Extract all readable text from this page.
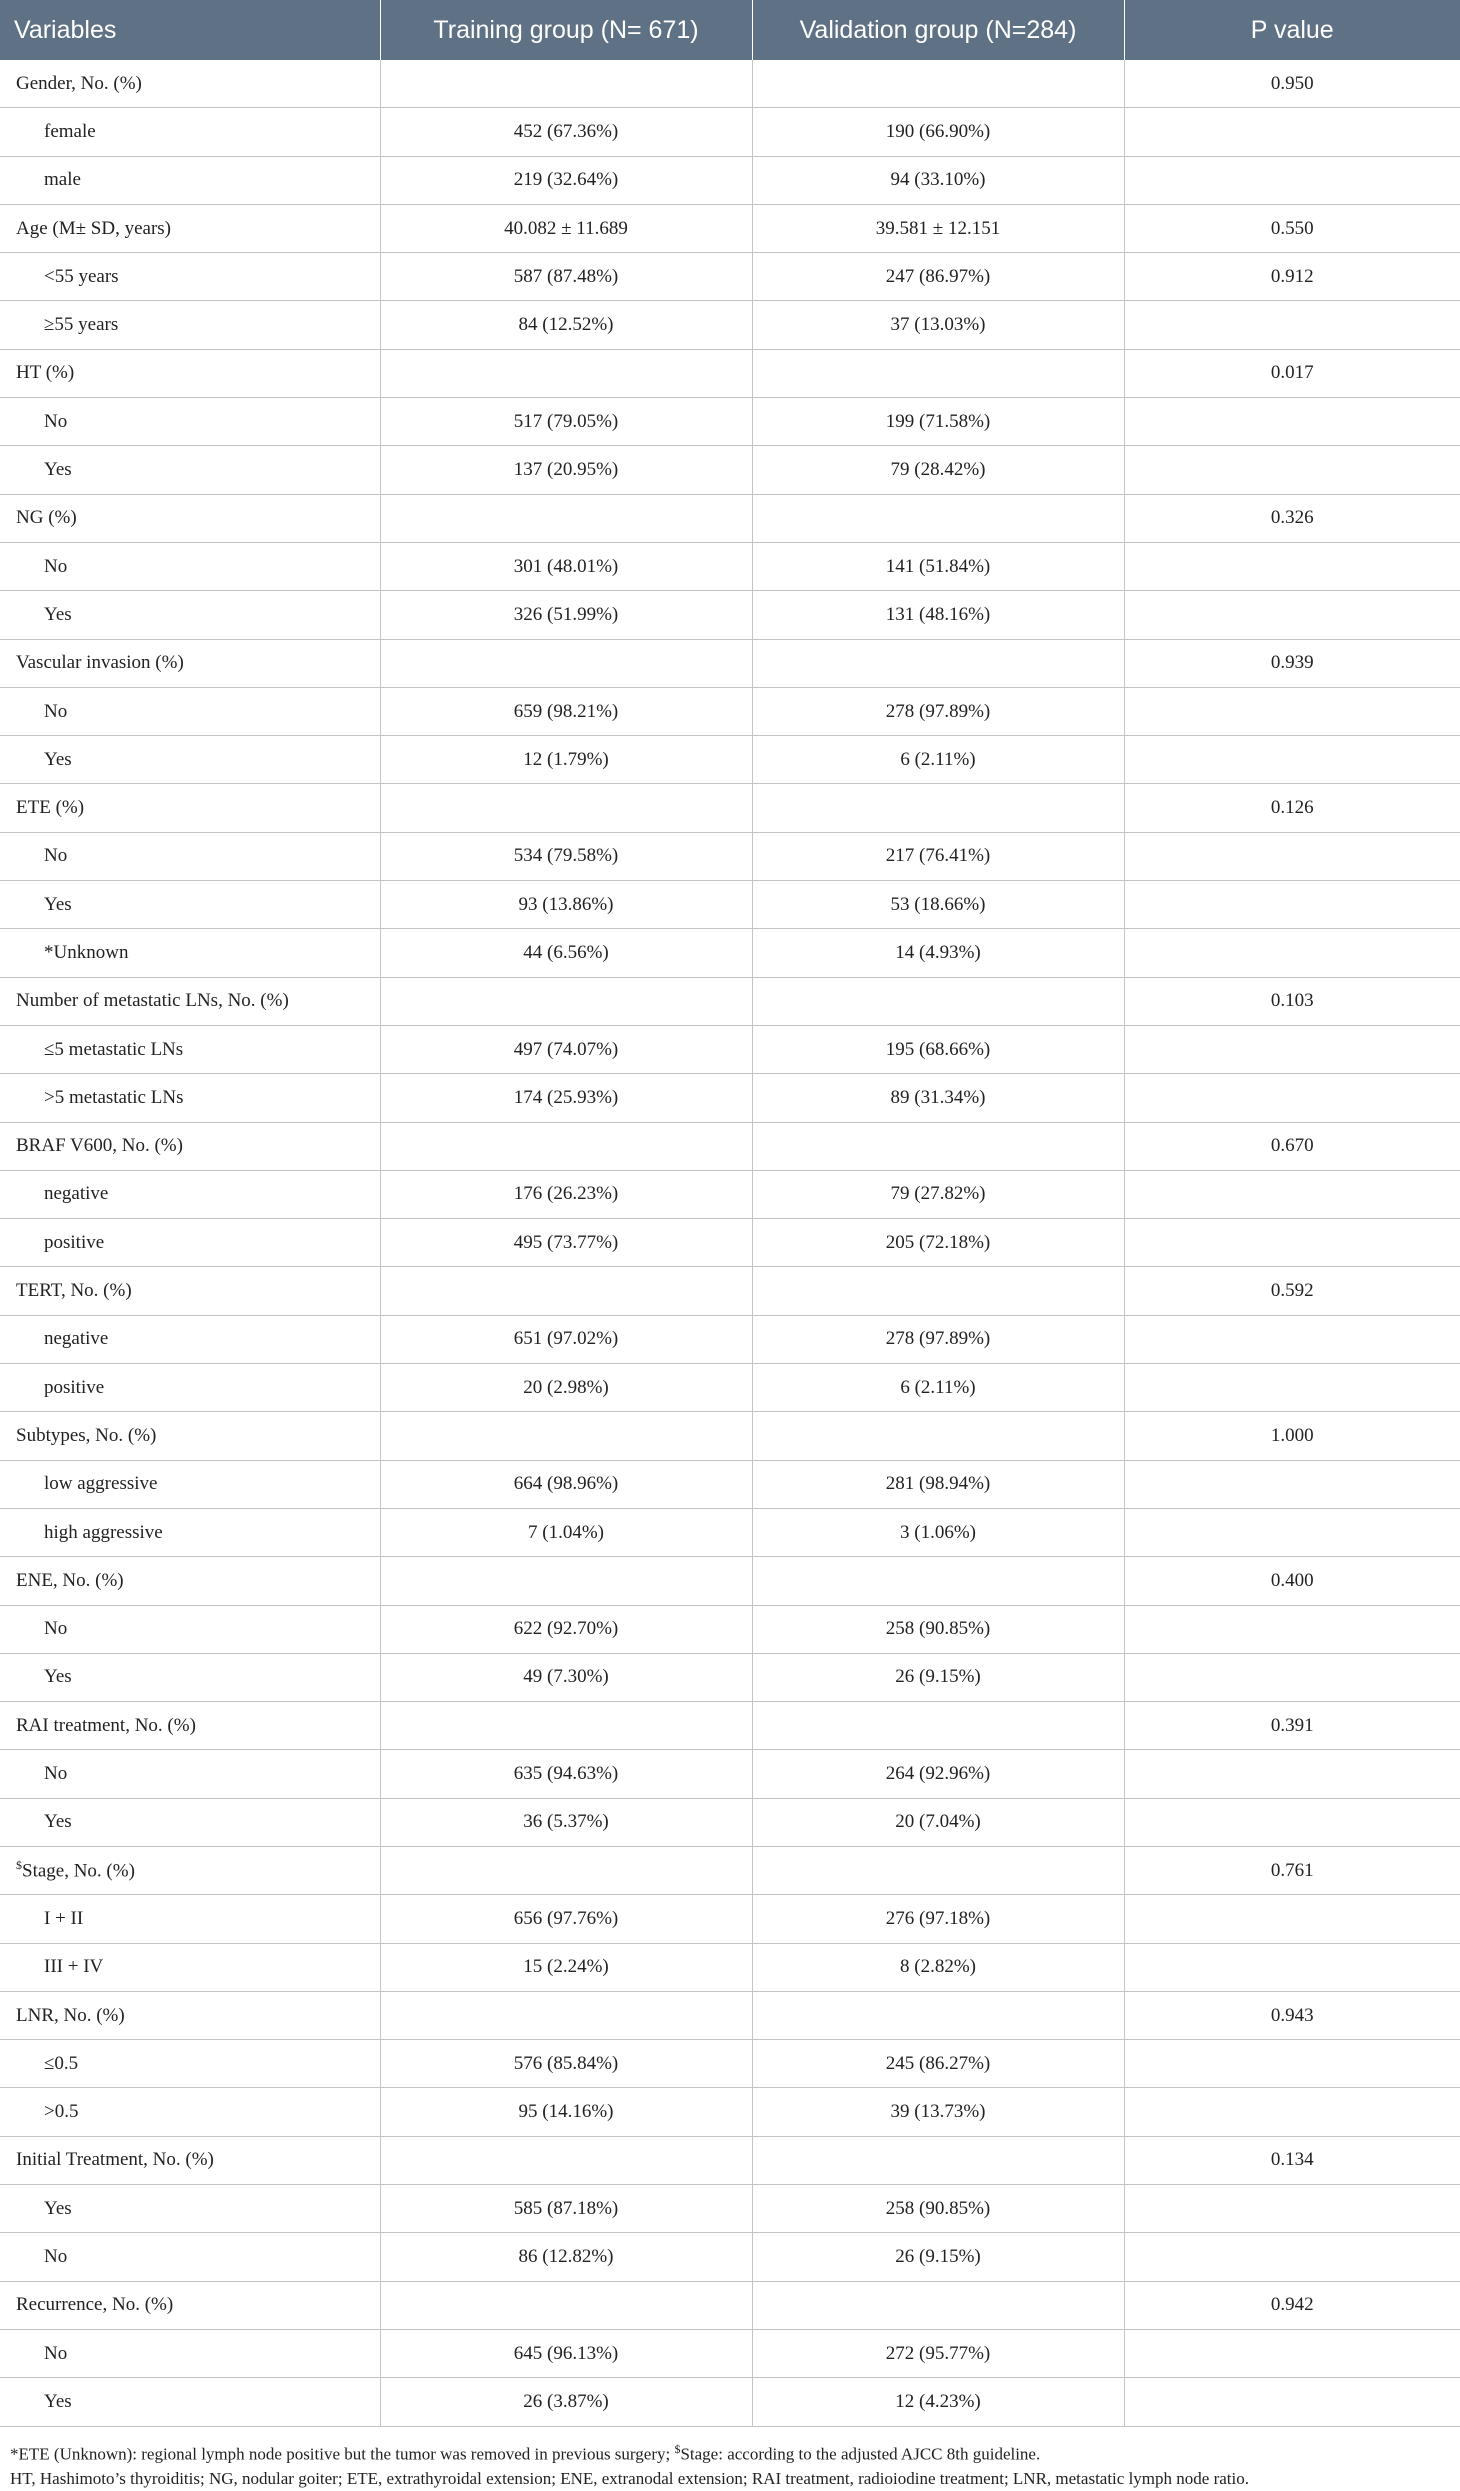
Variables	Training group (N= 671)	Validation group (N=284)	P value
Gender, No. (%)			0.950
female	452 (67.36%)	190 (66.90%)	
male	219 (32.64%)	94 (33.10%)	
Age (M± SD, years)	40.082 ± 11.689	39.581 ± 12.151	0.550
<55 years	587 (87.48%)	247 (86.97%)	0.912
≥55 years	84 (12.52%)	37 (13.03%)	
HT (%)			0.017
No	517 (79.05%)	199 (71.58%)	
Yes	137 (20.95%)	79 (28.42%)	
NG (%)			0.326
No	301 (48.01%)	141 (51.84%)	
Yes	326 (51.99%)	131 (48.16%)	
Vascular invasion (%)			0.939
No	659 (98.21%)	278 (97.89%)	
Yes	12 (1.79%)	6 (2.11%)	
ETE (%)			0.126
No	534 (79.58%)	217 (76.41%)	
Yes	93 (13.86%)	53 (18.66%)	
*Unknown	44 (6.56%)	14 (4.93%)	
Number of metastatic LNs, No. (%)			0.103
≤5 metastatic LNs	497 (74.07%)	195 (68.66%)	
>5 metastatic LNs	174 (25.93%)	89 (31.34%)	
BRAF V600, No. (%)			0.670
negative	176 (26.23%)	79 (27.82%)	
positive	495 (73.77%)	205 (72.18%)	
TERT, No. (%)			0.592
negative	651 (97.02%)	278 (97.89%)	
positive	20 (2.98%)	6 (2.11%)	
Subtypes, No. (%)			1.000
low aggressive	664 (98.96%)	281 (98.94%)	
high aggressive	7 (1.04%)	3 (1.06%)	
ENE, No. (%)			0.400
No	622 (92.70%)	258 (90.85%)	
Yes	49 (7.30%)	26 (9.15%)	
RAI treatment, No. (%)			0.391
No	635 (94.63%)	264 (92.96%)	
Yes	36 (5.37%)	20 (7.04%)	
$Stage, No. (%)			0.761
I + II	656 (97.76%)	276 (97.18%)	
III + IV	15 (2.24%)	8 (2.82%)	
LNR, No. (%)			0.943
≤0.5	576 (85.84%)	245 (86.27%)	
>0.5	95 (14.16%)	39 (13.73%)	
Initial Treatment, No. (%)			0.134
Yes	585 (87.18%)	258 (90.85%)	
No	86 (12.82%)	26 (9.15%)	
Recurrence, No. (%)			0.942
No	645 (96.13%)	272 (95.77%)	
Yes	26 (3.87%)	12 (4.23%)	

*ETE (Unknown): regional lymph node positive but the tumor was removed in previous surgery; $Stage: according to the adjusted AJCC 8th guideline.

HT, Hashimoto’s thyroiditis; NG, nodular goiter; ETE, extrathyroidal extension; ENE, extranodal extension; RAI treatment, radioiodine treatment; LNR, metastatic lymph node ratio.
